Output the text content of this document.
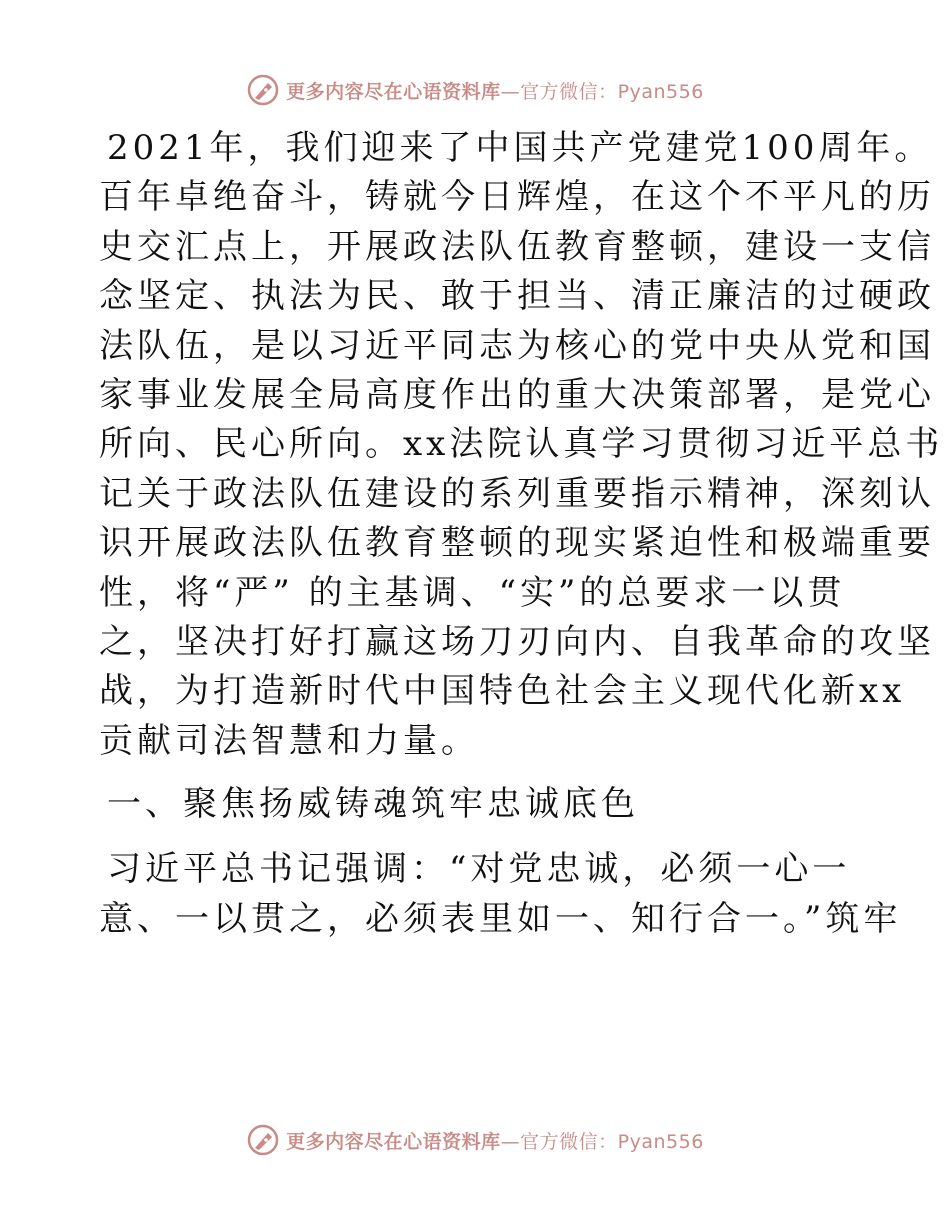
更多内容尽在心语资料库—官方微信：Pyan556
2021年，我们迎来了中国共产党建党100周年。
百年卓绝奋斗，铸就今日辉煌，在这个不平凡的历
史交汇点上，开展政法队伍教育整顿，建设一支信
念坚定、执法为民、敢于担当、清正廉洁的过硬政
法队伍，是以习近平同志为核心的党中央从党和国
家事业发展全局高度作出的重大决策部署，是党心
所向、民心所向。xx法院认真学习贯彻习近平总书
记关于政法队伍建设的系列重要指示精神，深刻认
识开展政法队伍教育整顿的现实紧迫性和极端重要
性，将“严” 的主基调、“实”的总要求一以贯
之，坚决打好打赢这场刀刃向内、自我革命的攻坚
战，为打造新时代中国特色社会主义现代化新xx
贡献司法智慧和力量。
一、聚焦扬威铸魂筑牢忠诚底色
习近平总书记强调：“对党忠诚，必须一心一
意、一以贯之，必须表里如一、知行合一。”筑牢
更多内容尽在心语资料库—官方微信：Pyan556
